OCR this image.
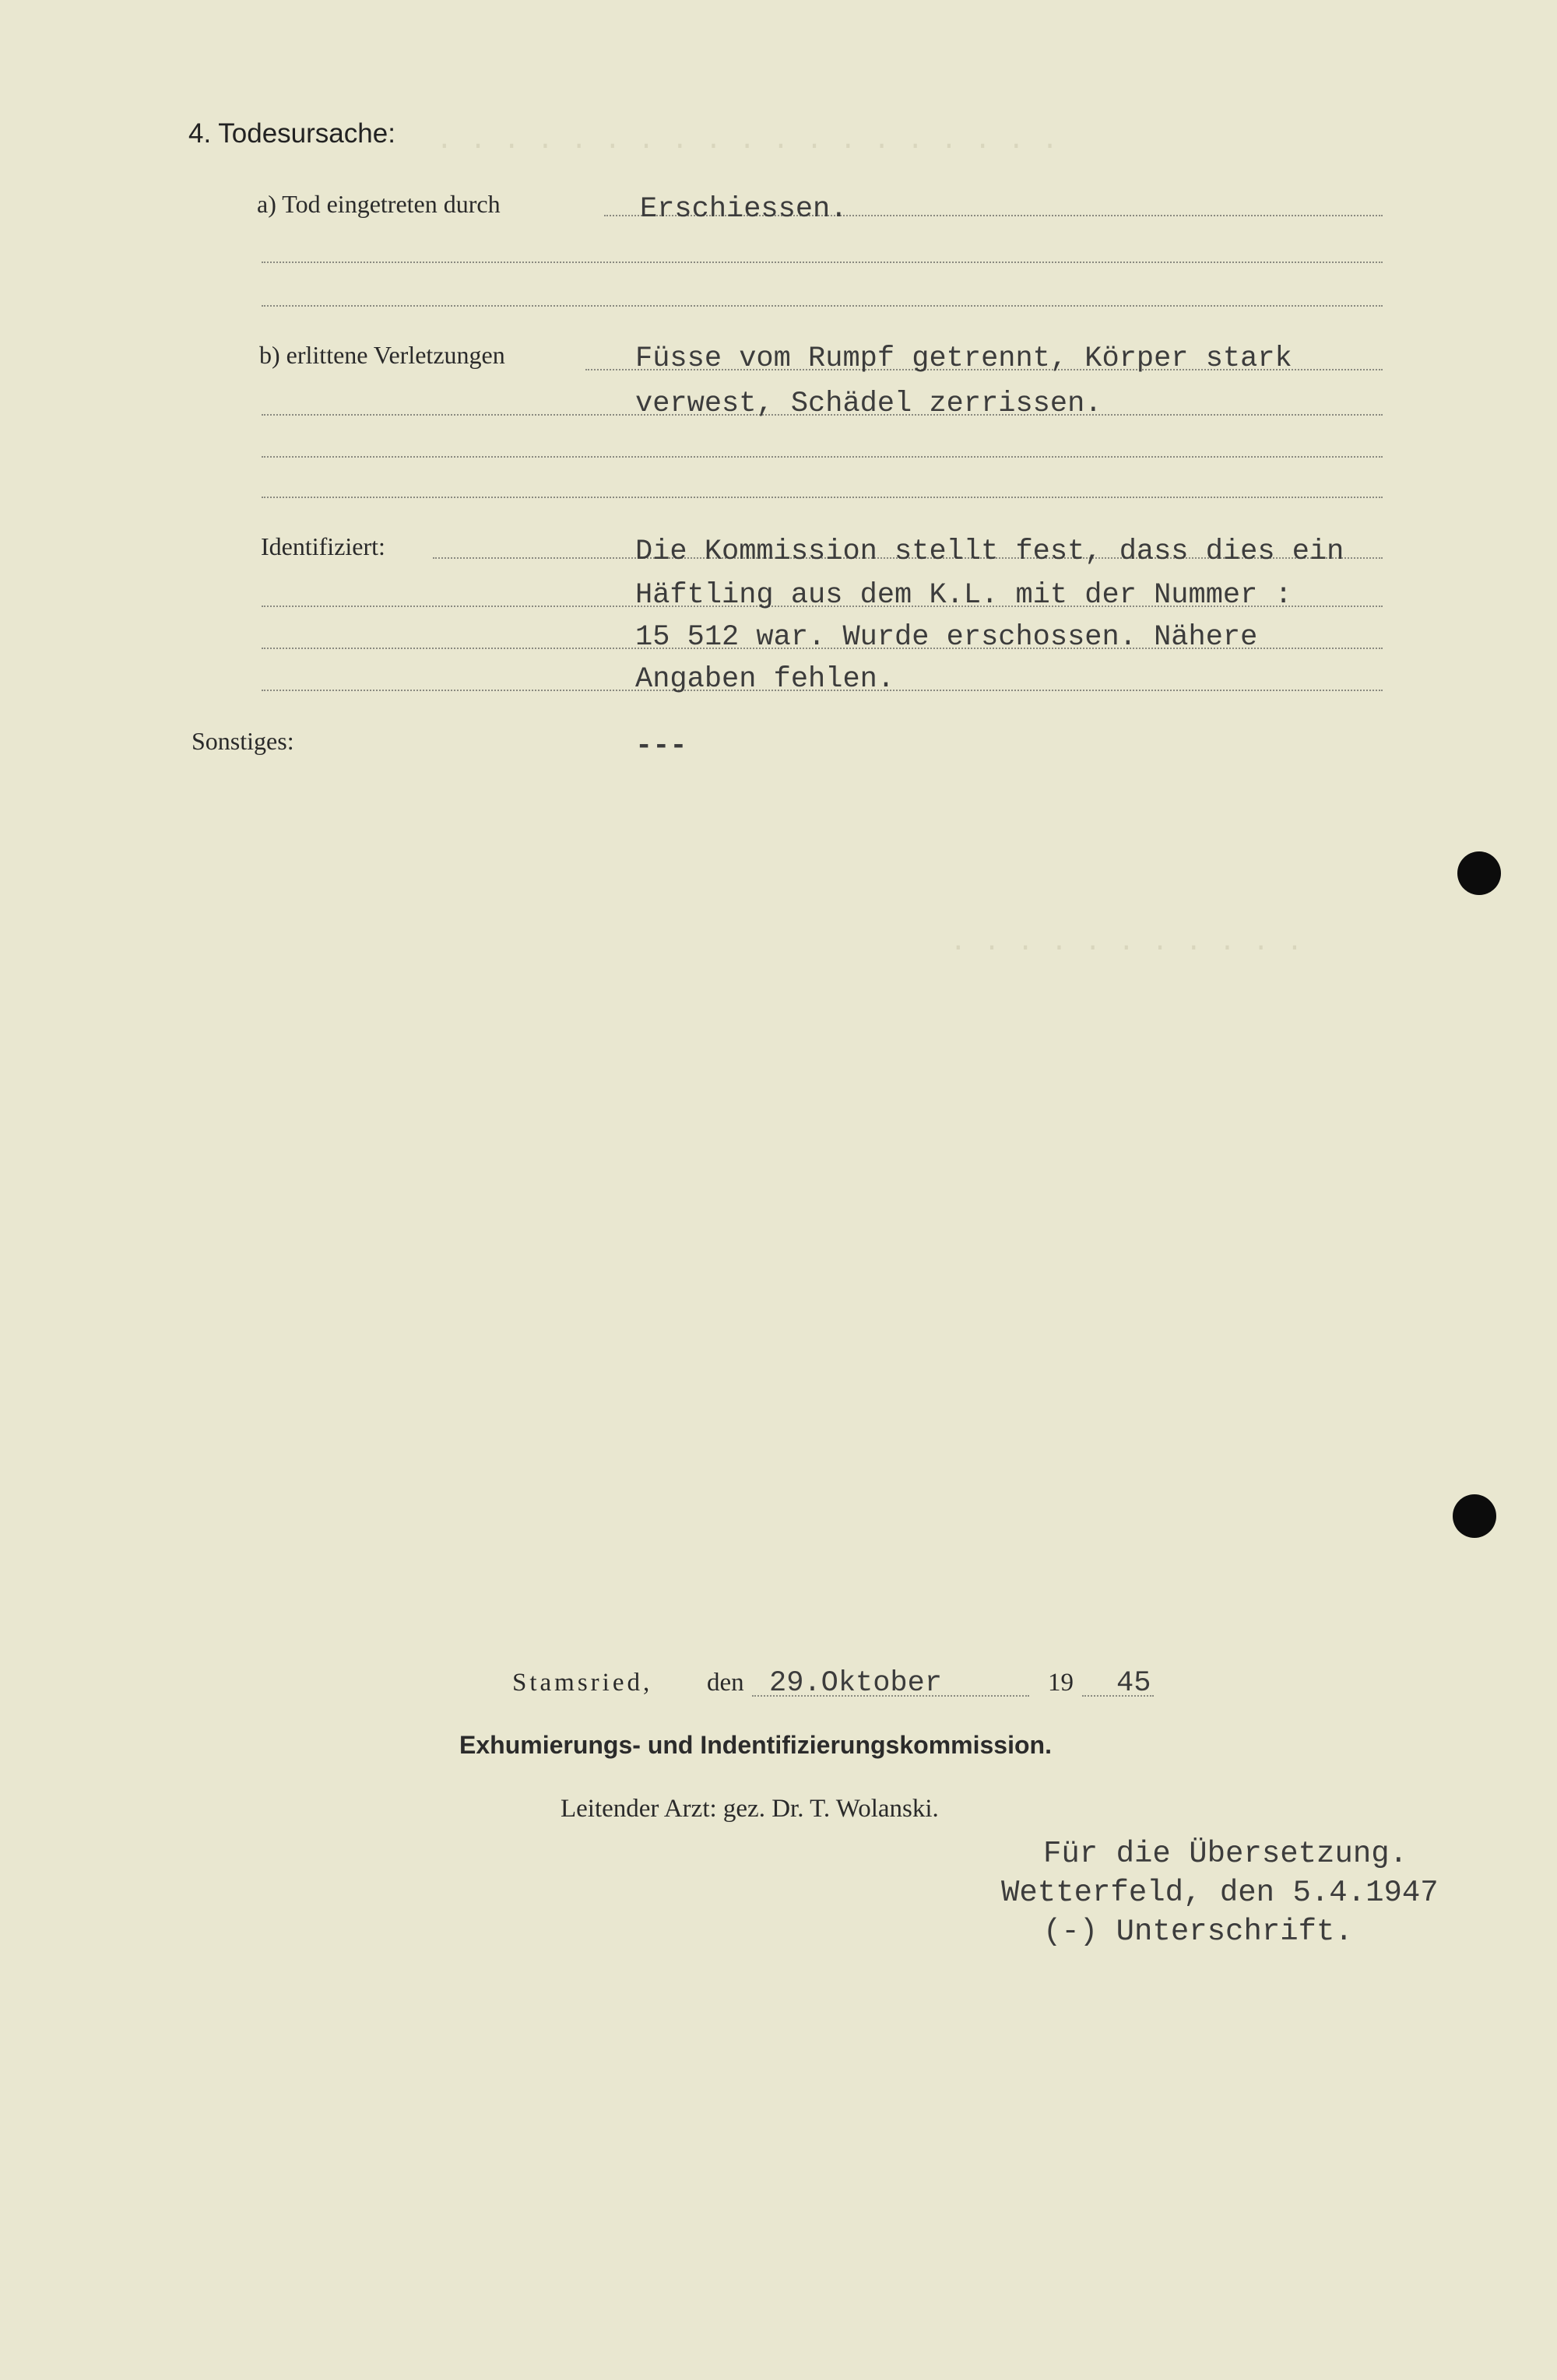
. . . . . . . . . . . . . . . . . . .
. . . . . . . . . . .
4. Todesursache:
a) Tod eingetreten durch	Erschiessen.
b) erlittene Verletzungen	Füsse vom Rumpf getrennt, Körper stark
verwest, Schädel zerrissen.
Identifiziert:	Die Kommission stellt fest, dass dies ein
Häftling aus dem K.L. mit der Nummer :
15 512 war. Wurde erschossen. Nähere
Angaben fehlen.
Sonstiges:	---
Stamsried, den 29.Oktober	19 45
Exhumierungs- und Indentifizierungskommission.
Leitender Arzt: gez. Dr. T. Wolanski.
Für die Übersetzung.
Wetterfeld, den 5.4.1947
(-) Unterschrift.
